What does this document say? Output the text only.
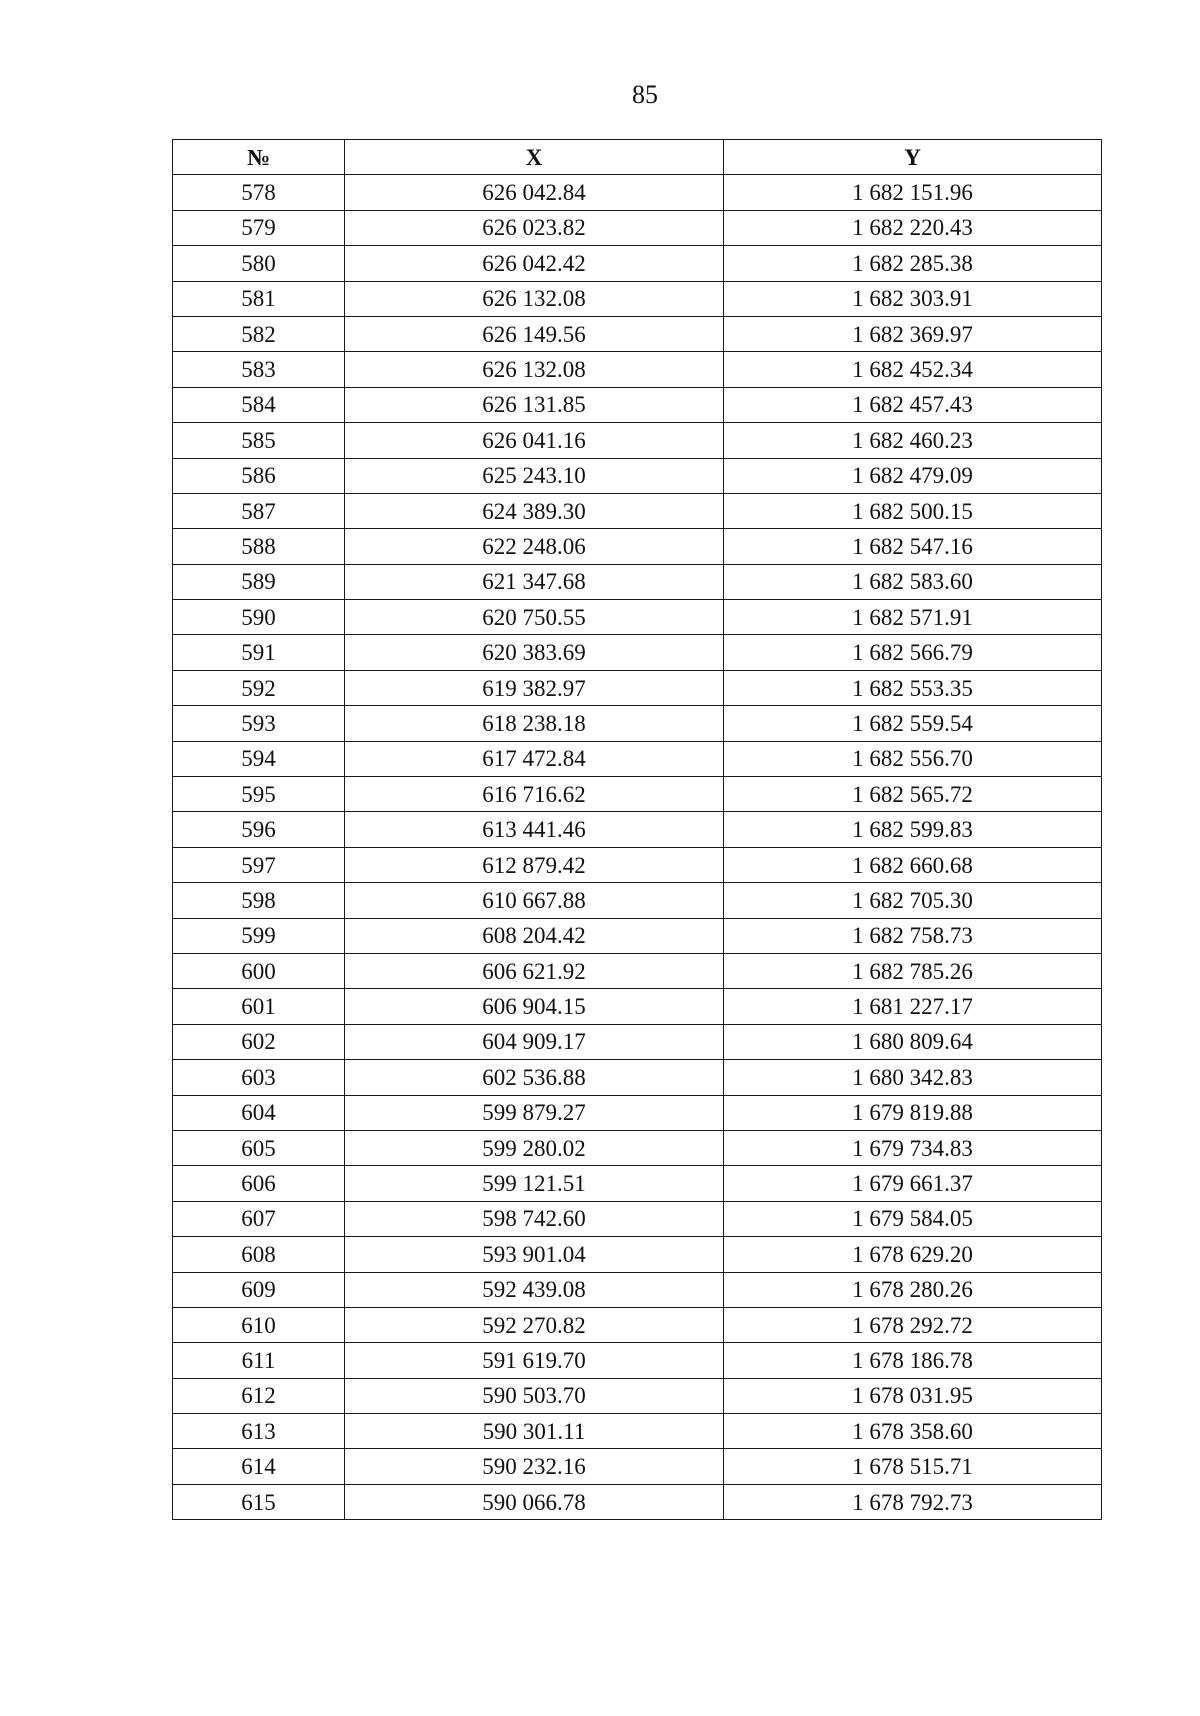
85
№	X	Y
578	626 042.84	1 682 151.96
579	626 023.82	1 682 220.43
580	626 042.42	1 682 285.38
581	626 132.08	1 682 303.91
582	626 149.56	1 682 369.97
583	626 132.08	1 682 452.34
584	626 131.85	1 682 457.43
585	626 041.16	1 682 460.23
586	625 243.10	1 682 479.09
587	624 389.30	1 682 500.15
588	622 248.06	1 682 547.16
589	621 347.68	1 682 583.60
590	620 750.55	1 682 571.91
591	620 383.69	1 682 566.79
592	619 382.97	1 682 553.35
593	618 238.18	1 682 559.54
594	617 472.84	1 682 556.70
595	616 716.62	1 682 565.72
596	613 441.46	1 682 599.83
597	612 879.42	1 682 660.68
598	610 667.88	1 682 705.30
599	608 204.42	1 682 758.73
600	606 621.92	1 682 785.26
601	606 904.15	1 681 227.17
602	604 909.17	1 680 809.64
603	602 536.88	1 680 342.83
604	599 879.27	1 679 819.88
605	599 280.02	1 679 734.83
606	599 121.51	1 679 661.37
607	598 742.60	1 679 584.05
608	593 901.04	1 678 629.20
609	592 439.08	1 678 280.26
610	592 270.82	1 678 292.72
611	591 619.70	1 678 186.78
612	590 503.70	1 678 031.95
613	590 301.11	1 678 358.60
614	590 232.16	1 678 515.71
615	590 066.78	1 678 792.73
